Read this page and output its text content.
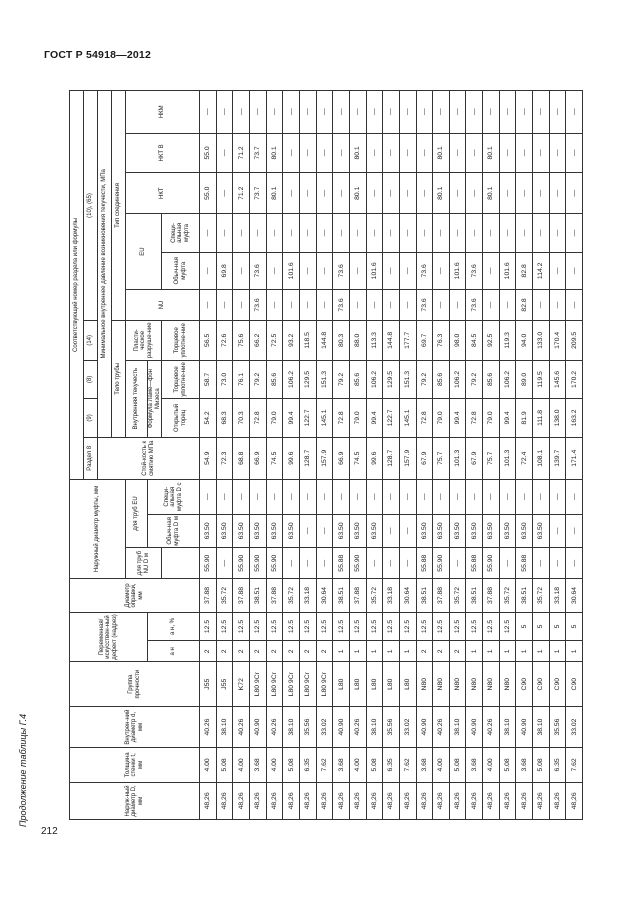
ГОСТ Р 54918—2012
Продолжение таблицы Г.4
212
Наруж-ный диаметр D, мм	Толщина стенки t, мм	Внутрен-ний диаметр d, мм	Группа прочности	Переменная/ искусствен-ный дефект (надрез)		Диаметр оправки, мм	Наружный диаметр муфты, мм			Соответствующий номер раздела или формулы									
										Раздел 8	(9)	(8)	(14)	(10), (65)					
										Стой-кость к смятию МПа	Минимальное внутреннее давление возникновения текучести, МПа								
											Тело трубы			Тип соединения					
							для труб NU D м	для труб EU			Внутренняя текучесть		Пласти-ческое разруше-ние	NU	EU		НКТ	НКТ В	НКМ
				а н	а н, %			Обыч-ная муфта D м	Специ-альная муфта D с		Формула Ламе—фон Мизеса								
											Открытый торец	Торцевое уплотне-ние	Торцевое уплотне-ние		Обыч-ная муфта	Специ-альная муфта			

48,26	4.00	40.26	J55	2	12.5	37.88	55.90	63.50	—	54.9	54.2	58.7	56.5	—	—	—	55.0	55.0	—
48,26	5.08	38.10	J55	2	12.5	35.72	—	63.50	—	72.3	68.3	73.0	72.6	—	69.8	—	—	—	—
48,26	4.00	40.26	K72	2	12.5	37.88	55.90	63.50	—	68.8	70.3	76.1	75.6	—	—	—	71.2	71.2	—
48,26	3.68	40.90	L80 9Cr	2	12.5	38.51	55.90	63.50	—	66.9	72.8	79.2	66.2	73.6	73.6	—	73.7	73.7	—
48,26	4.00	40.26	L80 9Cr	2	12.5	37.88	55.90	63.50	—	74.5	79.0	85.6	72.5	—	—	—	80.1	80.1	—
48,26	5.08	38.10	L80 9Cr	2	12.5	35.72	—	63.50	—	99.6	99.4	106.2	93.2	—	101.6	—	—	—	—
48,26	6.35	35.56	L80 9Cr	2	12.5	33.18	—	—	—	128.7	122.7	129.5	118.5	—	—	—	—	—	—
48,26	7.62	33.02	L80 9Cr	2	12.5	30.64	—	—	—	157.9	145.1	151.3	144.8	—	—	—	—	—	—
48,26	3.68	40.90	L80	1	12.5	38.51	55.88	63.50	—	66.9	72.8	79.2	80.3	73.6	73.6	—	—	—	—
48,26	4.00	40.26	L80	1	12.5	37.88	55.90	63.50	—	74.5	79.0	85.6	88.0	—	—	—	80.1	80.1	—
48,26	5.08	38.10	L80	1	12.5	35.72	—	63.50	—	99.6	99.4	106.2	113.3	—	101.6	—	—	—	—
48,26	6.35	35.56	L80	1	12.5	33.18	—	—	—	128.7	122.7	129.5	144.8	—	—	—	—	—	—
48,26	7.62	33.02	L80	1	12.5	30.64	—	—	—	157.9	145.1	151.3	177.7	—	—	—	—	—	—
48,26	3.68	40.90	N80	2	12.5	38.51	55.88	63.50	—	67.9	72.8	79.2	69.7	73.6	73.6	—	—	—	—
48,26	4.00	40.26	N80	2	12.5	37.88	55.90	63.50	—	75.7	79.0	85.6	76.3	—	—	—	80.1	80.1	—
48,26	5.08	38.10	N80	2	12.5	35.72	—	63.50	—	101.3	99.4	106.2	98.0	—	101.6	—	—	—	—
48,26	3.68	40.90	N80	1	12.5	38.51	55.88	63.50	—	67.9	72.8	79.2	84.5	73.6	73.6	—	—	—	—
48,26	4.00	40.26	N80	1	12.5	37.88	55.90	63.50	—	75.7	79.0	85.6	92.5	—	—	—	80.1	80.1	—
48,26	5.08	38.10	N80	1	12.5	35.72	—	63.50	—	101.3	99.4	106.2	119.3	—	101.6	—	—	—	—
48,26	3.68	40.90	C90	1	5	38.51	55.88	63.50	—	72.4	81.9	89.0	94.0	82.8	82.8	—	—	—	—
48,26	5.08	38.10	C90	1	5	35.72	—	63.50	—	108.1	111.8	119.5	133.0	—	114.2	—	—	—	—
48,26	6.35	35.56	C90	1	5	33.18	—	—	—	139.7	138.0	145.6	170.4	—	—	—	—	—	—
48,26	7.62	33.02	C90	1	5	30.64	—	—	—	171.4	163.2	170.2	209.5	—	—	—	—	—	—
